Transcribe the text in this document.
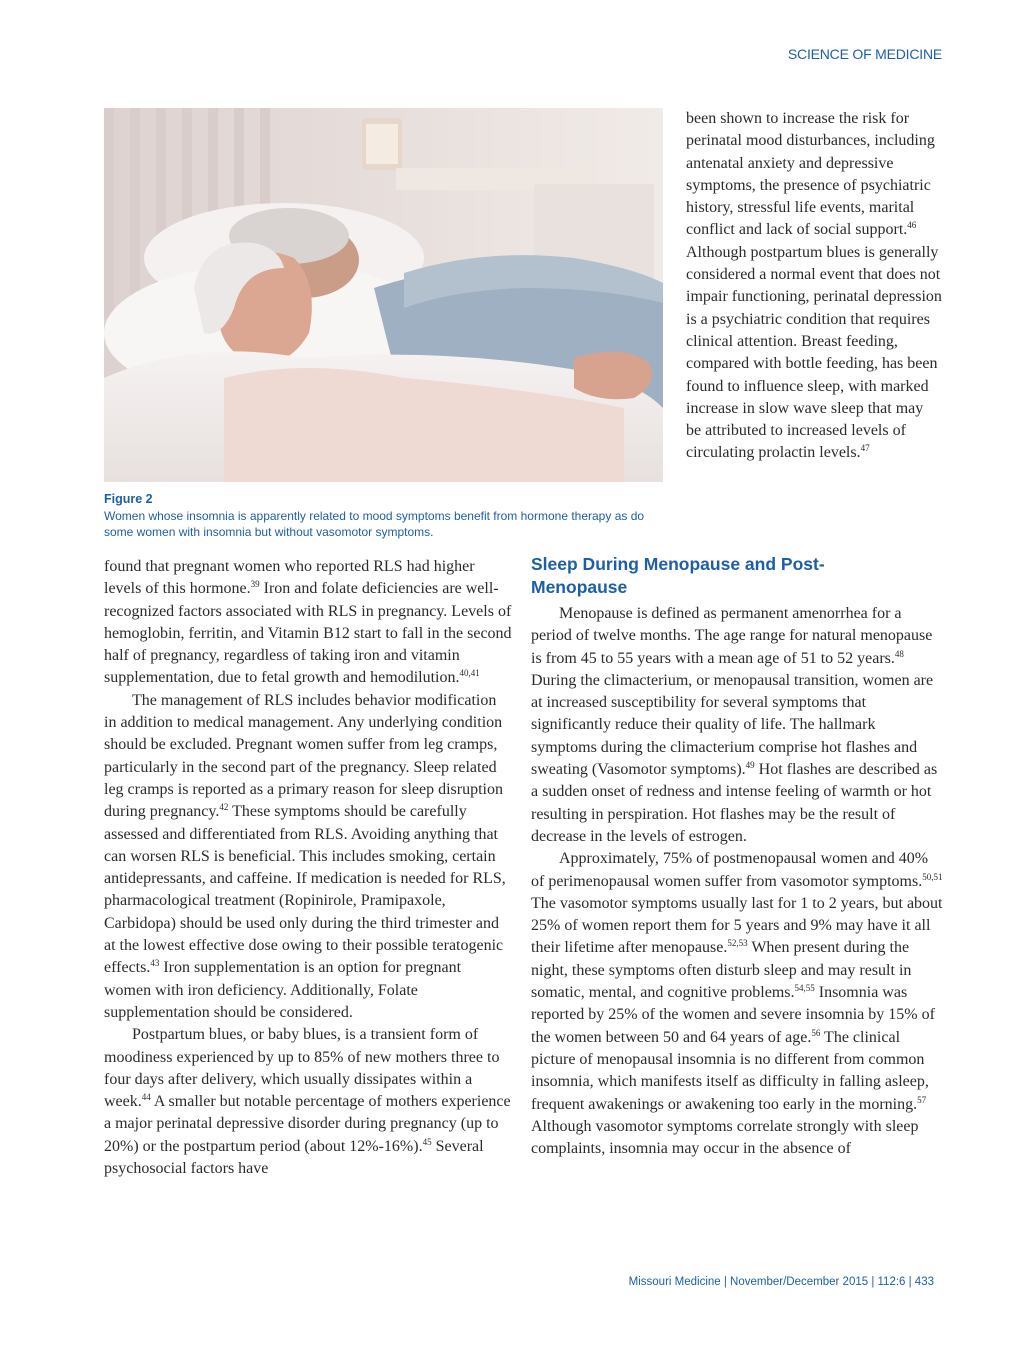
SCIENCE OF MEDICINE
Figure 2
Women whose insomnia is apparently related to mood symptoms benefit from hormone therapy as do some women with insomnia but without vasomotor symptoms.

been shown to increase the risk for perinatal mood disturbances, including antenatal anxiety and depressive symptoms, the presence of psychiatric history, stressful life events, marital conflict and lack of social support.$^{46}$ Although postpartum blues is generally considered a normal event that does not impair functioning, perinatal depression is a psychiatric condition that requires clinical attention. Breast feeding, compared with bottle feeding, has been found to influence sleep, with marked increase in slow wave sleep that may be attributed to increased levels of circulating prolactin levels.$^{47}$

found that pregnant women who reported RLS had higher levels of this hormone.$^{39}$ Iron and folate deficiencies are well-recognized factors associated with RLS in pregnancy. Levels of hemoglobin, ferritin, and Vitamin B12 start to fall in the second half of pregnancy, regardless of taking iron and vitamin supplementation, due to fetal growth and hemodilution.$^{40,41}$

The management of RLS includes behavior modification in addition to medical management. Any underlying condition should be excluded. Pregnant women suffer from leg cramps, particularly in the second part of the pregnancy. Sleep related leg cramps is reported as a primary reason for sleep disruption during pregnancy.$^{42}$ These symptoms should be carefully assessed and differentiated from RLS. Avoiding anything that can worsen RLS is beneficial. This includes smoking, certain antidepressants, and caffeine. If medication is needed for RLS, pharmacological treatment (Ropinirole, Pramipaxole, Carbidopa) should be used only during the third trimester and at the lowest effective dose owing to their possible teratogenic effects.$^{43}$ Iron supplementation is an option for pregnant women with iron deficiency. Additionally, Folate supplementation should be considered.

Postpartum blues, or baby blues, is a transient form of moodiness experienced by up to 85% of new mothers three to four days after delivery, which usually dissipates within a week.$^{44}$ A smaller but notable percentage of mothers experience a major perinatal depressive disorder during pregnancy (up to 20%) or the postpartum period (about 12%-16%).$^{45}$ Several psychosocial factors have

Sleep During Menopause and Post-Menopause

Menopause is defined as permanent amenorrhea for a period of twelve months. The age range for natural menopause is from 45 to 55 years with a mean age of 51 to 52 years.$^{48}$ During the climacterium, or menopausal transition, women are at increased susceptibility for several symptoms that significantly reduce their quality of life. The hallmark symptoms during the climacterium comprise hot flashes and sweating (Vasomotor symptoms).$^{49}$ Hot flashes are described as a sudden onset of redness and intense feeling of warmth or hot resulting in perspiration. Hot flashes may be the result of decrease in the levels of estrogen.

Approximately, 75% of postmenopausal women and 40% of perimenopausal women suffer from vasomotor symptoms.$^{50,51}$ The vasomotor symptoms usually last for 1 to 2 years, but about 25% of women report them for 5 years and 9% may have it all their lifetime after menopause.$^{52,53}$ When present during the night, these symptoms often disturb sleep and may result in somatic, mental, and cognitive problems.$^{54,55}$ Insomnia was reported by 25% of the women and severe insomnia by 15% of the women between 50 and 64 years of age.$^{56}$ The clinical picture of menopausal insomnia is no different from common insomnia, which manifests itself as difficulty in falling asleep, frequent awakenings or awakening too early in the morning.$^{57}$ Although vasomotor symptoms correlate strongly with sleep complaints, insomnia may occur in the absence of

Missouri Medicine | November/December 2015 | 112:6 | 433
